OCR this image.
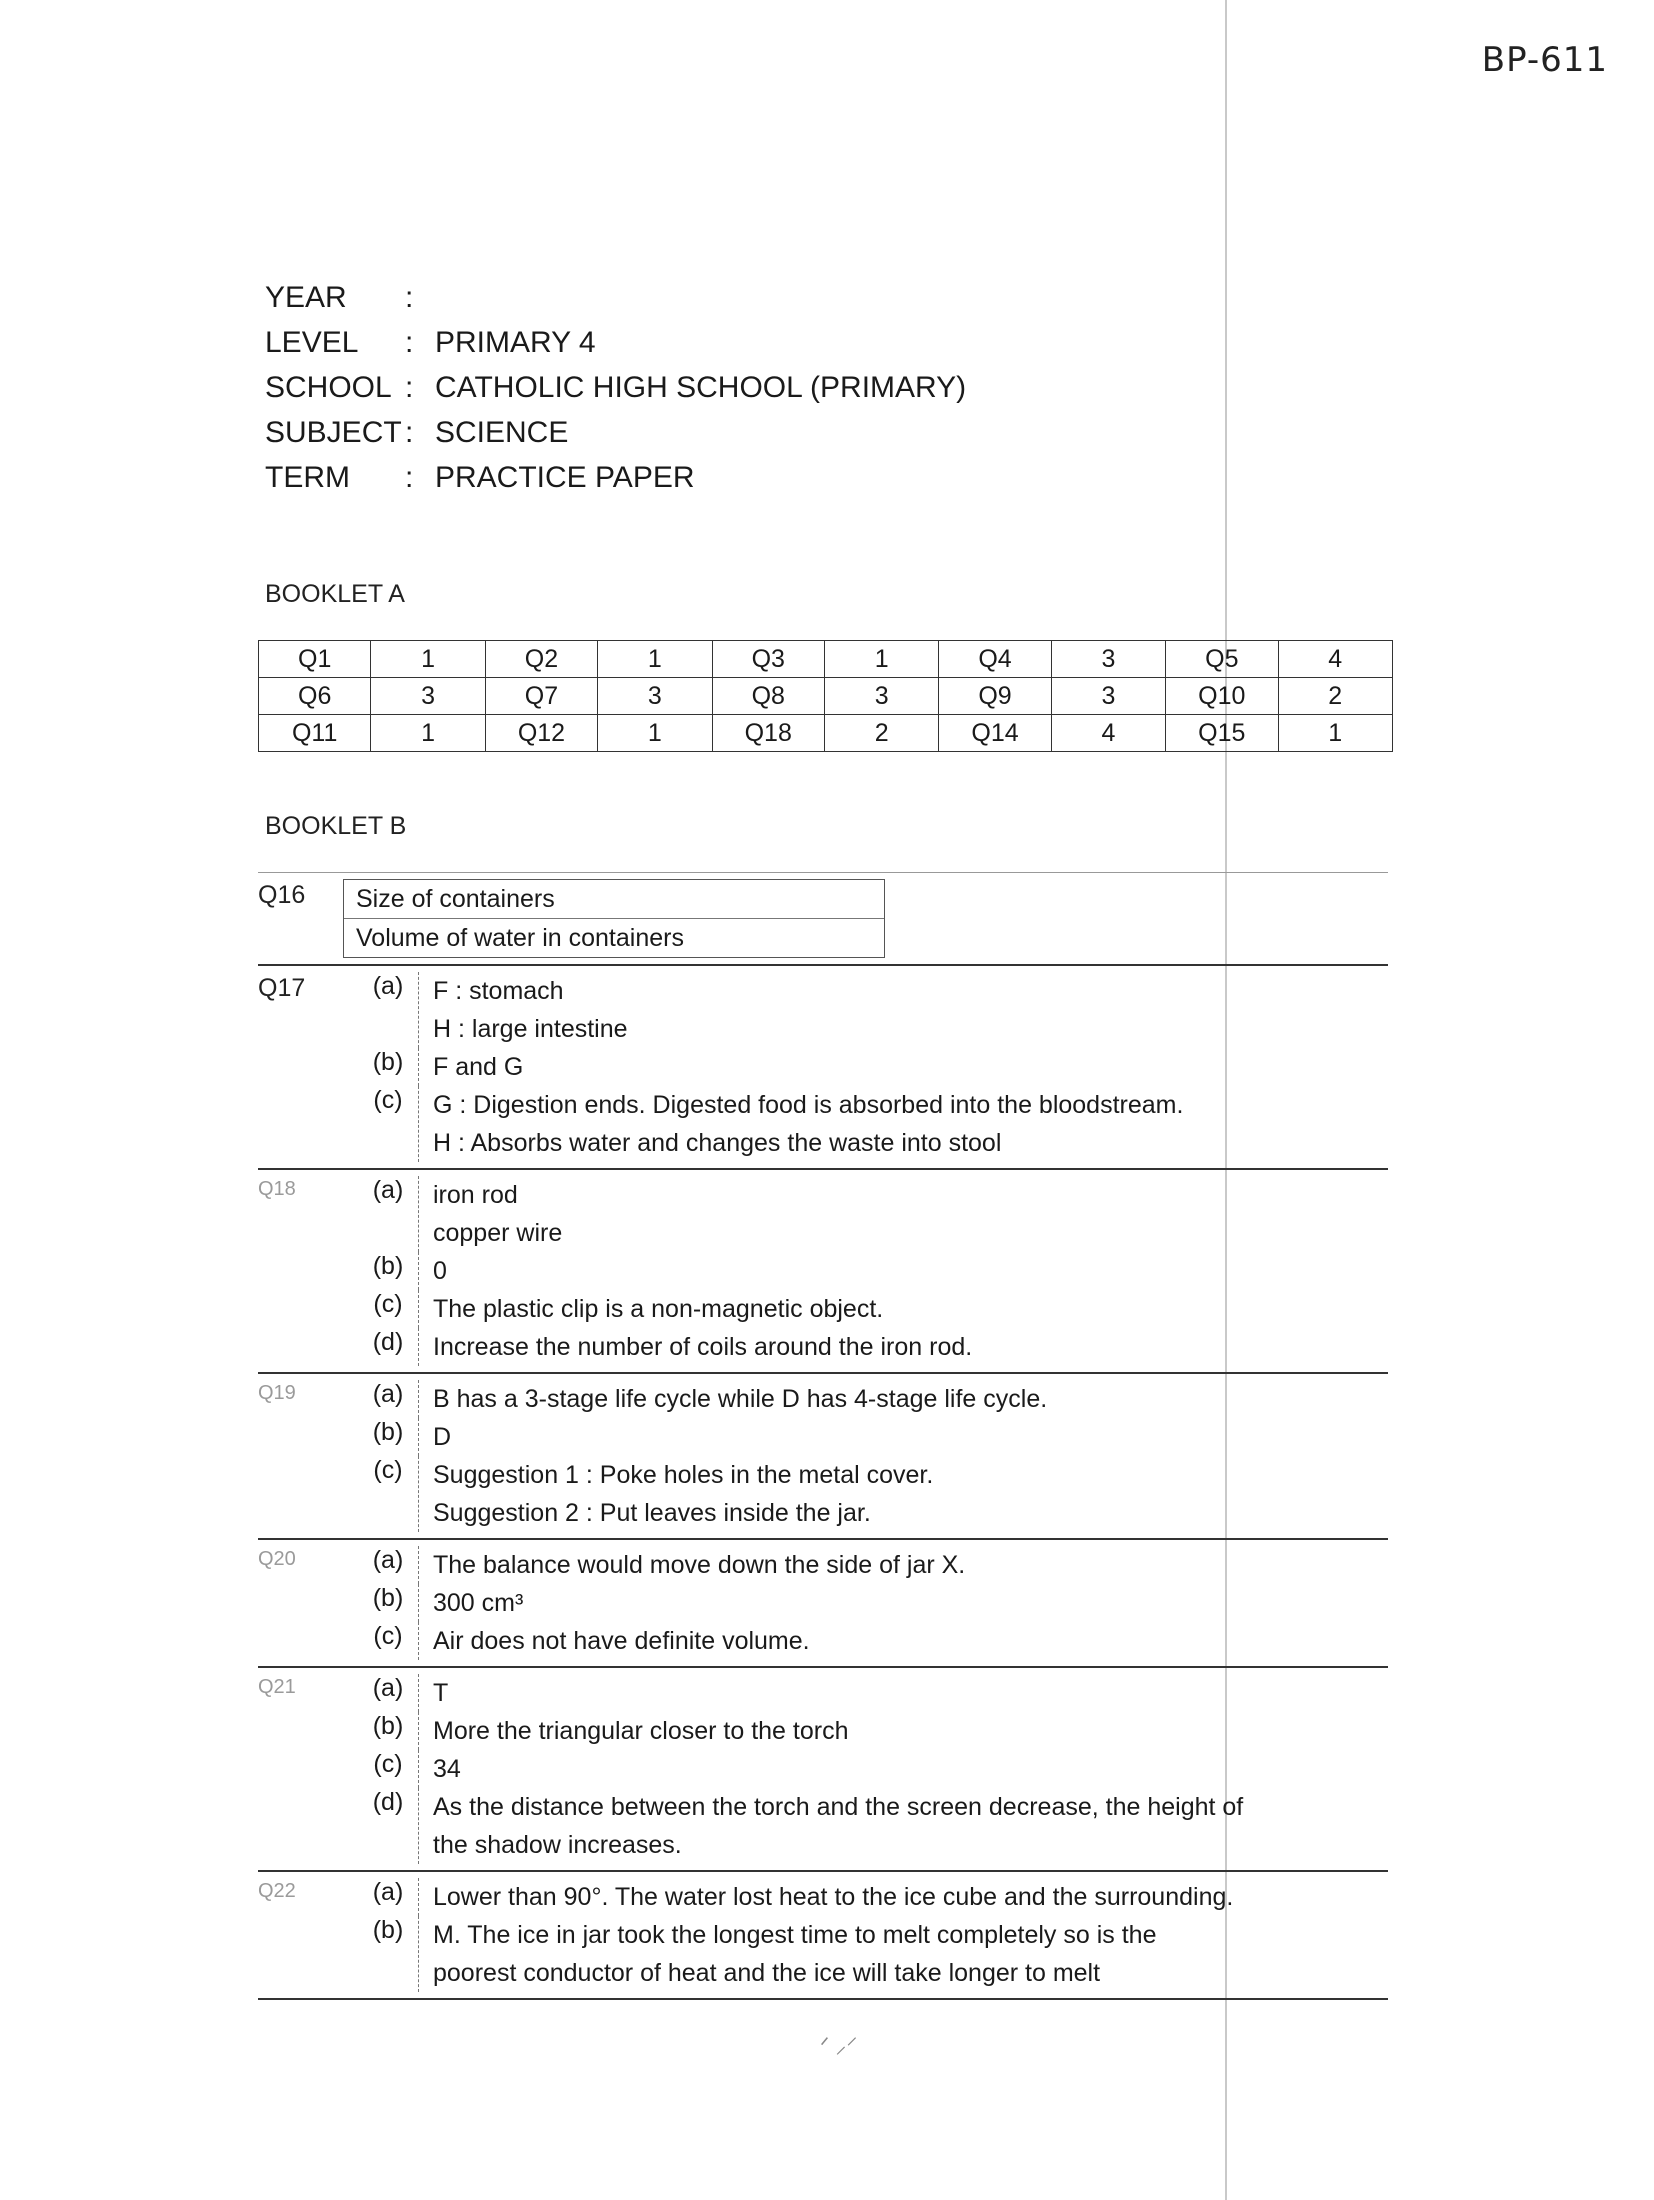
BP-611
YEAR	:
LEVEL	: PRIMARY 4
SCHOOL : CATHOLIC HIGH SCHOOL (PRIMARY)
SUBJECT : SCIENCE
TERM	: PRACTICE PAPER
BOOKLET A
Q1	1	Q2	1	Q3	1	Q4	3	Q5	4
Q6	3	Q7	3	Q8	3	Q9	3	Q10	2
Q11	1	Q12	1	Q18	2	Q14	4	Q15	1
BOOKLET B
Q16	Size of containers
Volume of water in containers
Q17	(a)	F : stomach
H : large intestine
(b)	F and G
(c)	G : Digestion ends. Digested food is absorbed into the bloodstream.
H : Absorbs water and changes the waste into stool
Q18	(a)	iron rod
copper wire
(b)	0
(c)	The plastic clip is a non-magnetic object.
(d)	Increase the number of coils around the iron rod.
Q19	(a)	B has a 3-stage life cycle while D has 4-stage life cycle.
(b)	D
(c)	Suggestion 1 : Poke holes in the metal cover.
Suggestion 2 : Put leaves inside the jar.
Q20	(a)	The balance would move down the side of jar X.
(b)	300 cm³
(c)	Air does not have definite volume.
Q21	(a)	T
(b)	More the triangular closer to the torch
(c)	34
(d)	As the distance between the torch and the screen decrease, the height of
the shadow increases.
Q22	(a)	Lower than 90°. The water lost heat to the ice cube and the surrounding.
(b)	M. The ice in jar took the longest time to melt completely so is the
poorest conductor of heat and the ice will take longer to melt
ᐟ ⸝⸍
